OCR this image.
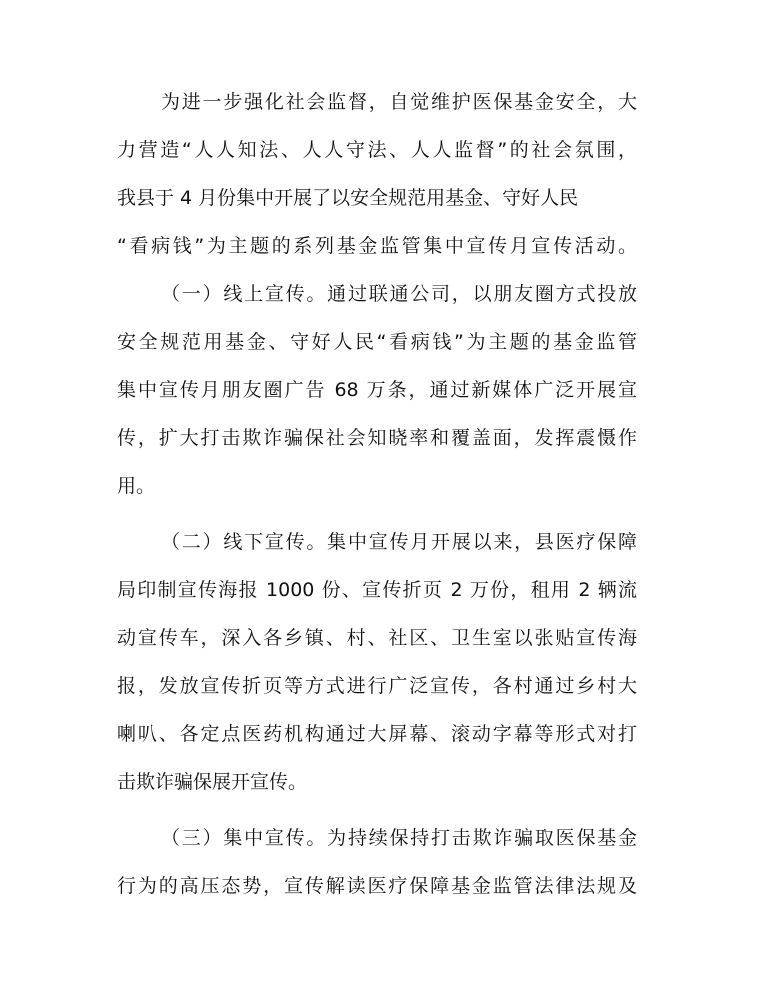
为进一步强化社会监督，自觉维护医保基金安全，大
力营造“人人知法、人人守法、人人监督”的社会氛围，
我县于 4 月份集中开展了以安全规范用基金、守好人民
“看病钱”为主题的系列基金监管集中宣传月宣传活动。
（一）线上宣传。通过联通公司，以朋友圈方式投放
安全规范用基金、守好人民“看病钱”为主题的基金监管
集中宣传月朋友圈广告 68 万条，通过新媒体广泛开展宣
传，扩大打击欺诈骗保社会知晓率和覆盖面，发挥震慑作
用。
（二）线下宣传。集中宣传月开展以来，县医疗保障
局印制宣传海报 1000 份、宣传折页 2 万份，租用 2 辆流
动宣传车，深入各乡镇、村、社区、卫生室以张贴宣传海
报，发放宣传折页等方式进行广泛宣传，各村通过乡村大
喇叭、各定点医药机构通过大屏幕、滚动字幕等形式对打
击欺诈骗保展开宣传。
（三）集中宣传。为持续保持打击欺诈骗取医保基金
行为的高压态势，宣传解读医疗保障基金监管法律法规及
